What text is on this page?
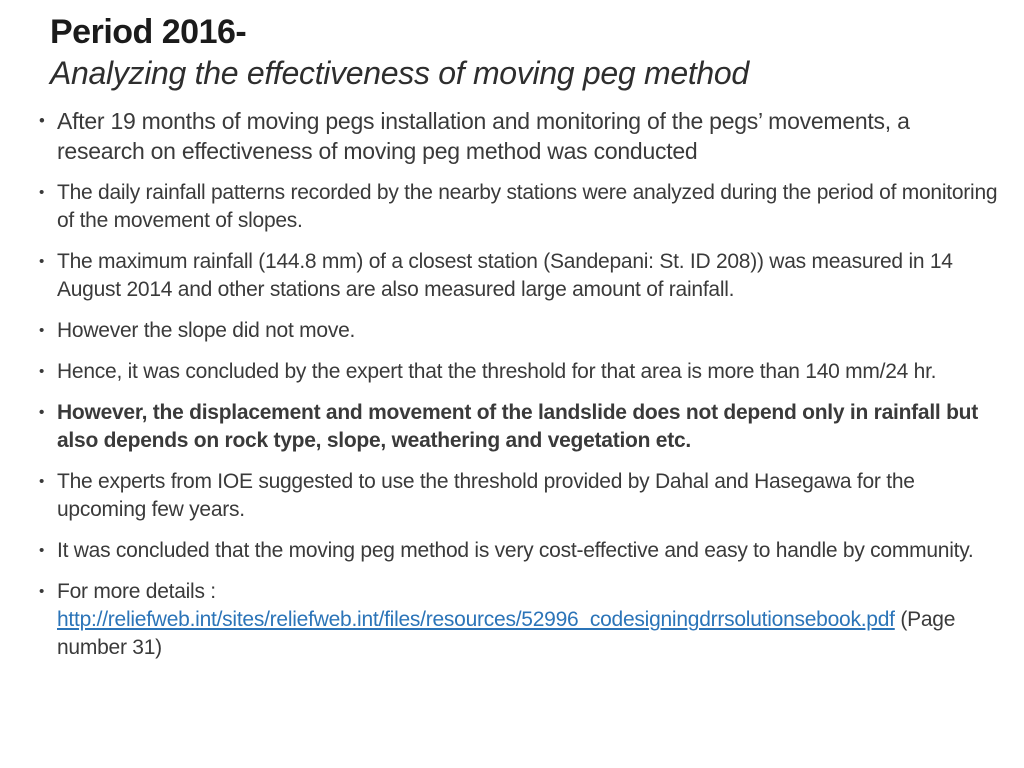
Period 2016-
Analyzing the effectiveness of moving peg method
• After 19 months of moving pegs installation and monitoring of the pegs’ movements, a research on effectiveness of moving peg method was conducted
• The daily rainfall patterns recorded by the nearby stations were analyzed during the period of monitoring of the movement of slopes.
• The maximum rainfall (144.8 mm) of a closest station (Sandepani: St. ID 208)) was measured in 14 August 2014 and other stations are also measured large amount of rainfall.
• However the slope did not move.
• Hence, it was concluded by the expert that the threshold for that area is more than 140 mm/24 hr.
• However, the displacement and movement of the landslide does not depend only in rainfall but also depends on rock type, slope, weathering and vegetation etc.
• The experts from IOE suggested to use the threshold provided by Dahal and Hasegawa for the upcoming few years.
• It was concluded that the moving peg method is very cost-effective and easy to handle by community.
• For more details : http://reliefweb.int/sites/reliefweb.int/files/resources/52996_codesigningdrrsolutionsebook.pdf (Page number 31)
